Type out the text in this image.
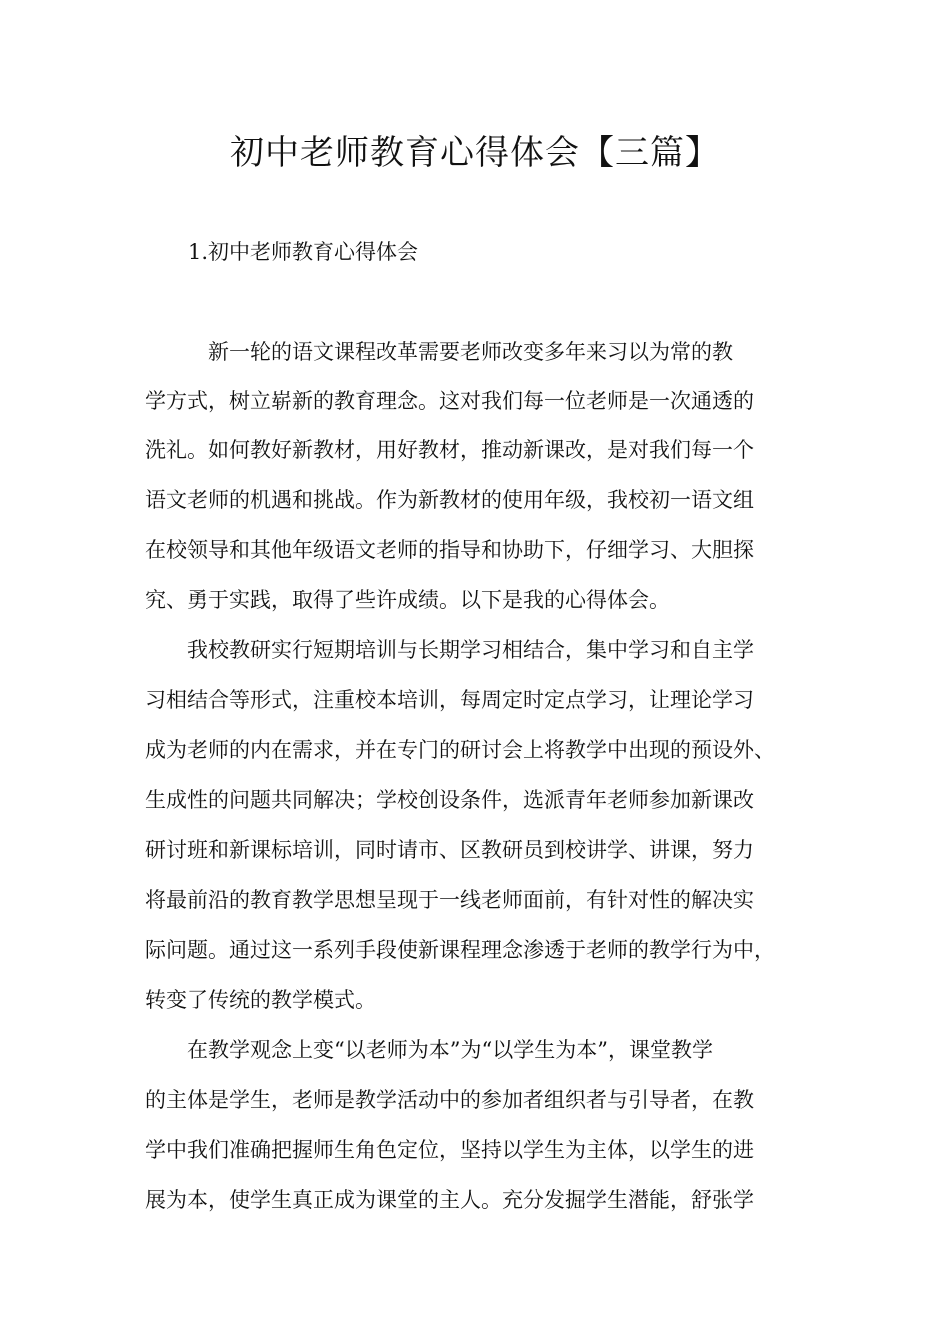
初中老师教育心得体会【三篇】
1.初中老师教育心得体会

　　　新一轮的语文课程改革需要老师改变多年来习以为常的教

学方式，树立崭新的教育理念。这对我们每一位老师是一次通透的

洗礼。如何教好新教材，用好教材，推动新课改，是对我们每一个

语文老师的机遇和挑战。作为新教材的使用年级，我校初一语文组

在校领导和其他年级语文老师的指导和协助下，仔细学习、大胆探

究、勇于实践，取得了些许成绩。以下是我的心得体会。

　　我校教研实行短期培训与长期学习相结合，集中学习和自主学

习相结合等形式，注重校本培训，每周定时定点学习，让理论学习

成为老师的内在需求，并在专门的研讨会上将教学中出现的预设外、

生成性的问题共同解决；学校创设条件，选派青年老师参加新课改

研讨班和新课标培训，同时请市、区教研员到校讲学、讲课，努力

将最前沿的教育教学思想呈现于一线老师面前，有针对性的解决实

际问题。通过这一系列手段使新课程理念渗透于老师的教学行为中，

转变了传统的教学模式。

　　在教学观念上变“以老师为本”为“以学生为本”，课堂教学

的主体是学生，老师是教学活动中的参加者组织者与引导者，在教

学中我们准确把握师生角色定位，坚持以学生为主体，以学生的进

展为本，使学生真正成为课堂的主人。充分发掘学生潜能，舒张学
